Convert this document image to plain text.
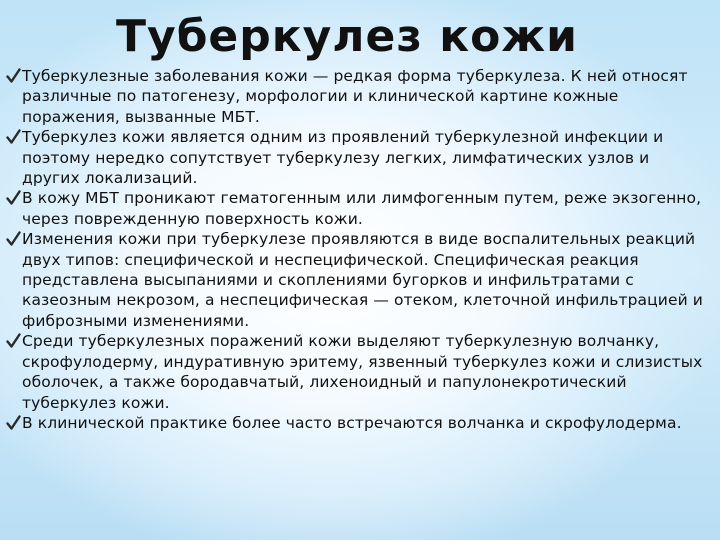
Туберкулез кожи
Туберкулезные заболевания кожи — редкая форма туберкулеза. К ней относят различные по патогенезу, морфологии и клинической картине кожные поражения, вызванные МБТ.
Туберкулез кожи является одним из проявлений туберкулезной инфекции и поэтому нередко сопутствует туберкулезу легких, лимфатических узлов и других локализаций.
В кожу МБТ проникают гематогенным или лимфогенным путем, реже экзогенно, через поврежденную поверхность кожи.
Изменения кожи при туберкулезе проявляются в виде воспалительных реакций двух типов: специфической и неспецифической. Специфическая реакция представлена высыпаниями и скоплениями бугорков и инфильтратами с казеозным некрозом, а неспецифическая — отеком, клеточной инфильтрацией и фиброзными изменениями.
Среди туберкулезных поражений кожи выделяют туберкулезную волчанку, скрофулодерму, индуративную эритему, язвенный туберкулез кожи и слизистых оболочек, а также бородавчатый, лихеноидный и папулонекротический туберкулез кожи.
В клинической практике более часто встречаются волчанка и скрофулодерма.
